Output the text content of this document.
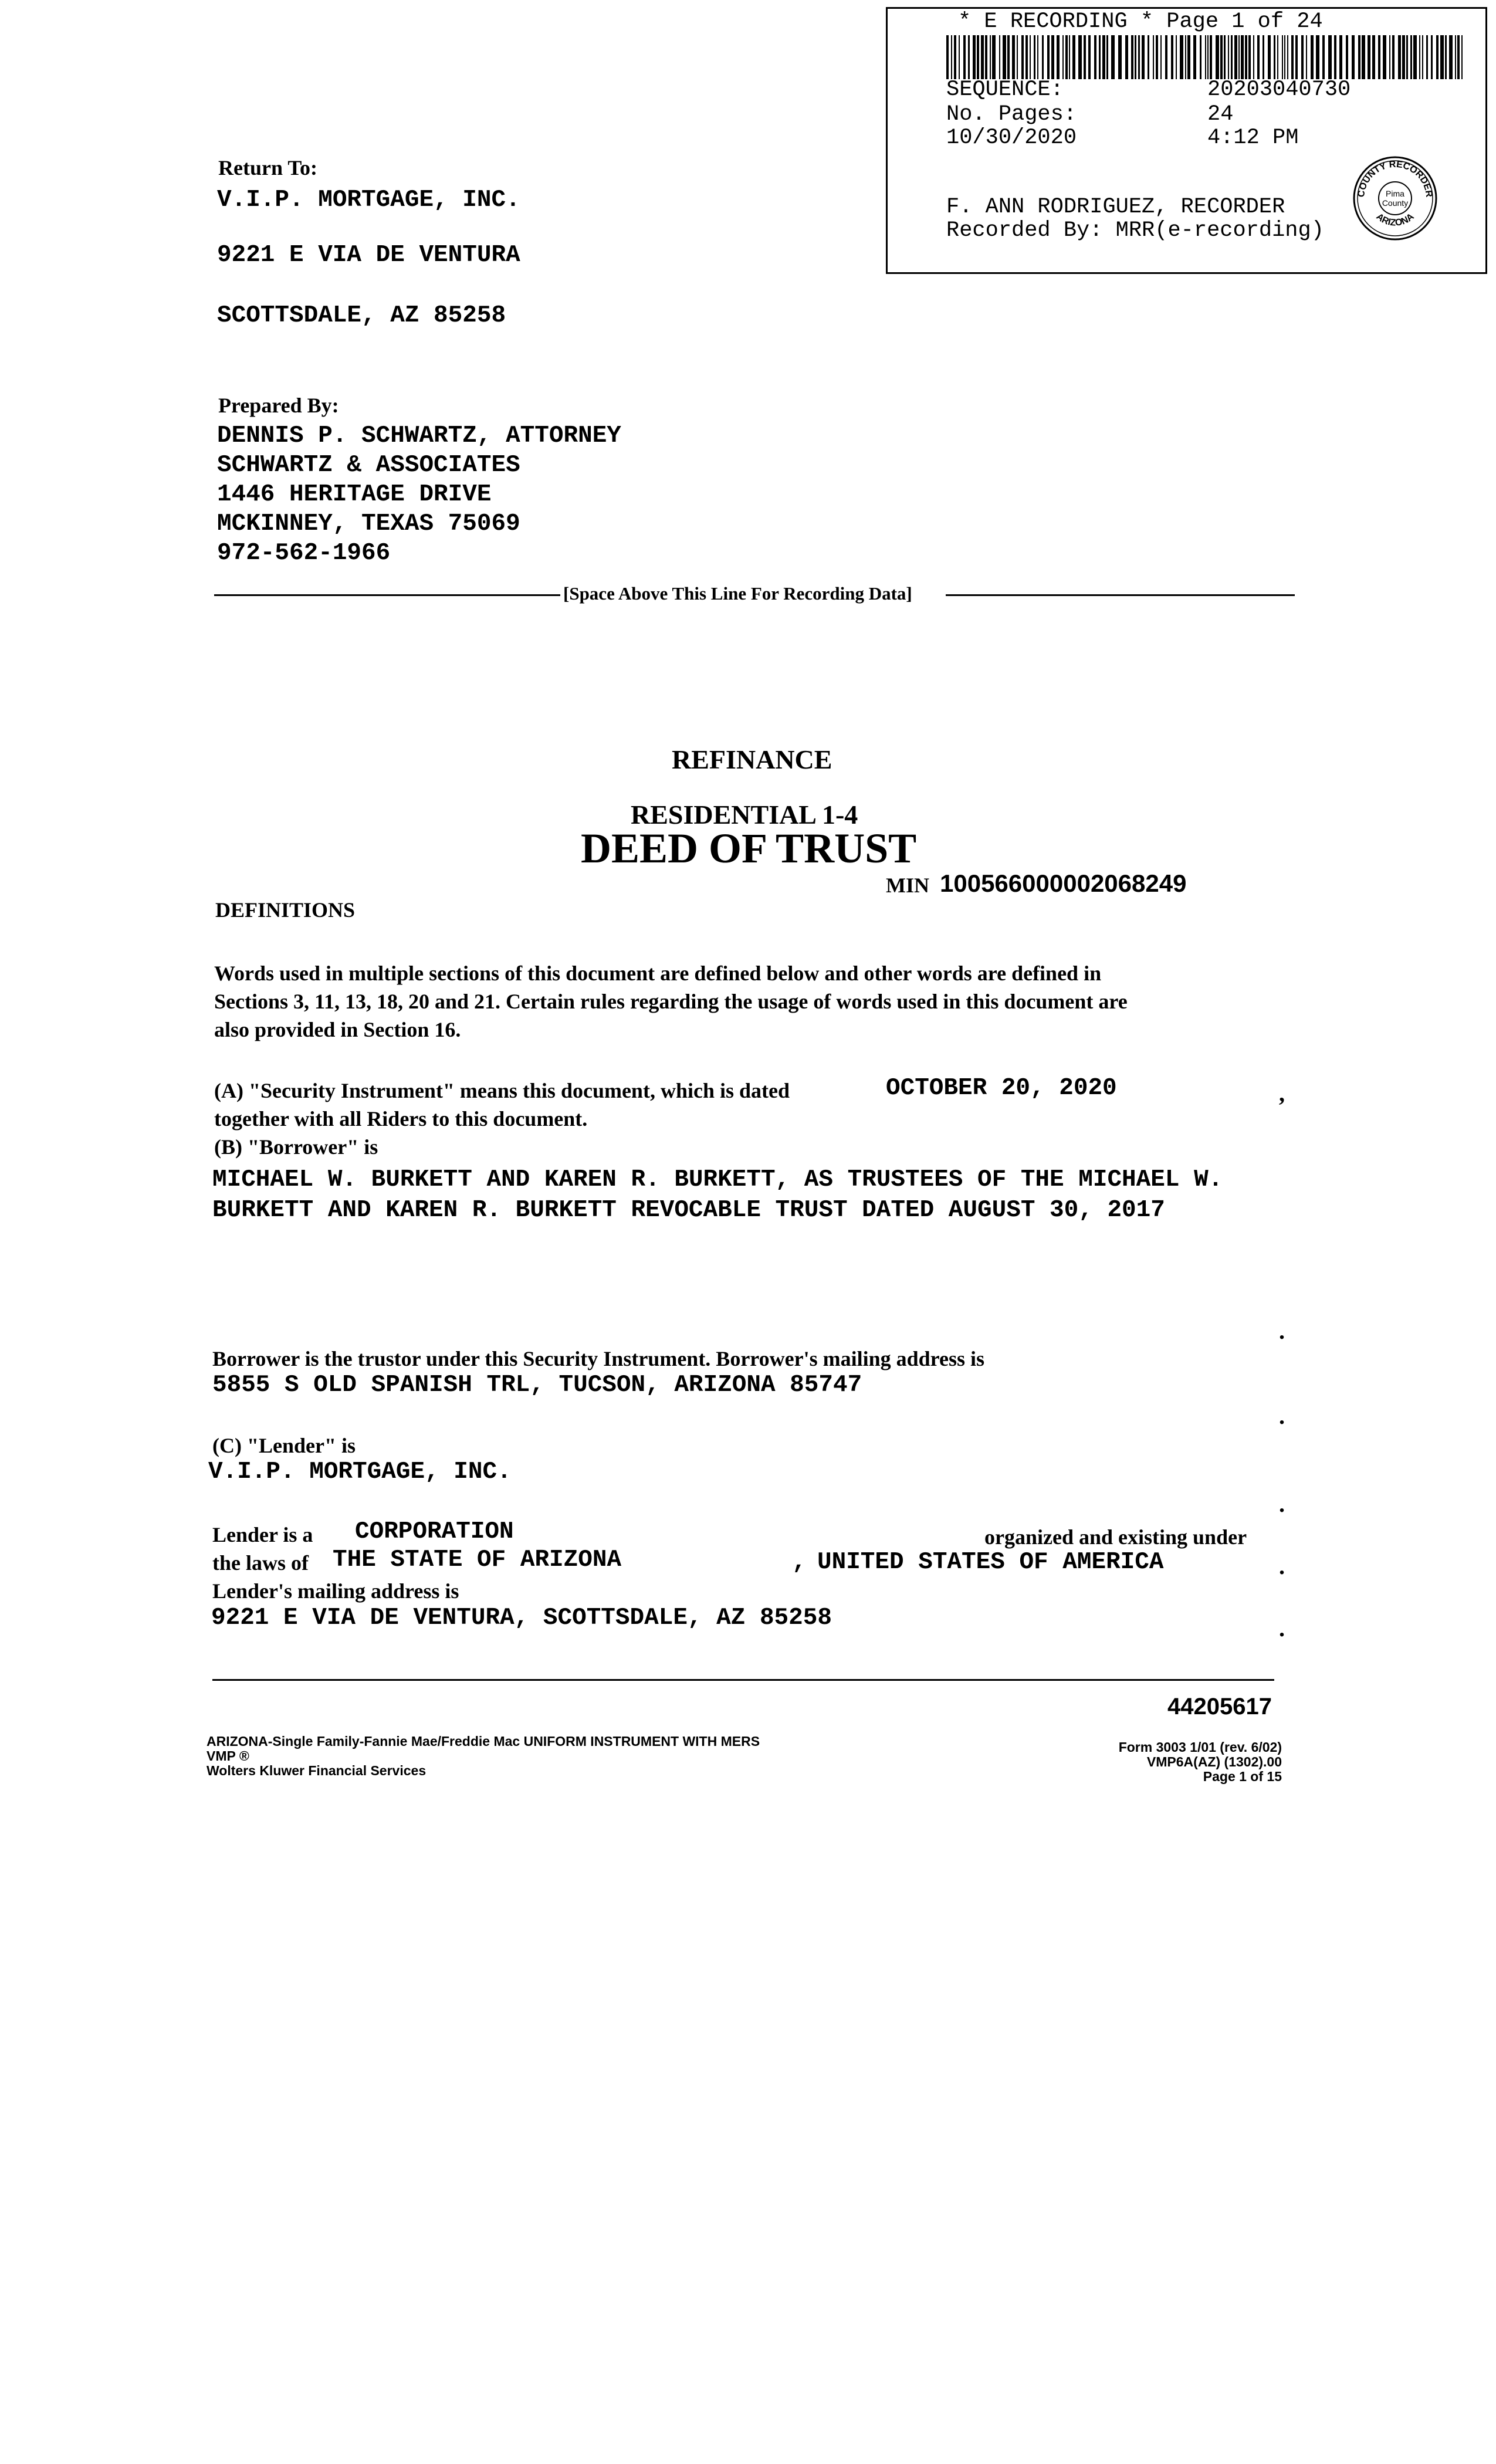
* E RECORDING * Page 1 of 24
SEQUENCE:	20203040730
No. Pages:	24
10/30/2020	4:12 PM
F. ANN RODRIGUEZ, RECORDER
Recorded By: MRR(e-recording)
COUNTY RECORDER
ARIZONA
Pima
County
Return To:
V.I.P. MORTGAGE, INC.
9221 E VIA DE VENTURA
SCOTTSDALE, AZ 85258
Prepared By:
DENNIS P. SCHWARTZ, ATTORNEY
SCHWARTZ & ASSOCIATES
1446 HERITAGE DRIVE
MCKINNEY, TEXAS 75069
972-562-1966
[Space Above This Line For Recording Data]
REFINANCE
RESIDENTIAL 1-4
DEED OF TRUST
MIN 100566000002068249
DEFINITIONS
Words used in multiple sections of this document are defined below and other words are defined in
Sections 3, 11, 13, 18, 20 and 21. Certain rules regarding the usage of words used in this document are
also provided in Section 16.
(A) "Security Instrument" means this document, which is dated	OCTOBER 20, 2020	,
together with all Riders to this document.
(B) "Borrower" is
MICHAEL W. BURKETT AND KAREN R. BURKETT, AS TRUSTEES OF THE MICHAEL W.
BURKETT AND KAREN R. BURKETT REVOCABLE TRUST DATED AUGUST 30, 2017
.
Borrower is the trustor under this Security Instrument. Borrower's mailing address is
5855 S OLD SPANISH TRL, TUCSON, ARIZONA 85747
.
(C) "Lender" is
V.I.P. MORTGAGE, INC.
.
Lender is a CORPORATION	organized and existing under
the laws of THE STATE OF ARIZONA	, UNITED STATES OF AMERICA	.
Lender's mailing address is
9221 E VIA DE VENTURA, SCOTTSDALE, AZ 85258	.
44205617
ARIZONA-Single Family-Fannie Mae/Freddie Mac UNIFORM INSTRUMENT WITH MERS
VMP ®
Wolters Kluwer Financial Services
Form 3003 1/01 (rev. 6/02)
VMP6A(AZ) (1302).00
Page 1 of 15
